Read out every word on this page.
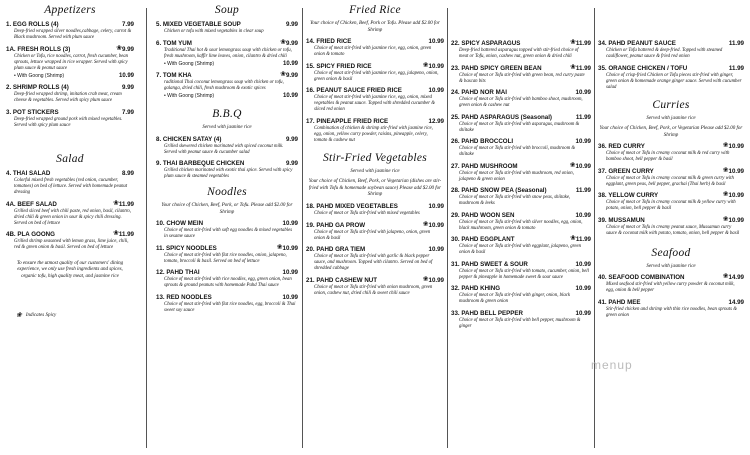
Appetizers
1. EGG ROLLS (4)	7.99
Deep-fried wrapped silver noodles,cabbage, celery, carrot & Black mushroom. Served with plum sauce
1A. FRESH ROLLS (3)	❀ 9.99
Chicken or Tofu, rice noodles, carrot, fresh cucumber, bean sprouts, lettuce wrapped in rice wrapper. Served with spicy plum sauce & peanut sauce
• With Goong (Shrimp)	10.99
2. SHRIMP ROLLS (4)	9.99
Deep-fried wrapped shrimp, imitation crab meat, cream cheese & vegetables. Served with spicy plum sauce
3. POT STICKERS	7.99
Deep-fried wrapped ground pork with mixed vegetables. Served with spicy plum sauce
Salad
4. THAI SALAD	8.99
Colorful mixed fresh vegetables (red onion, cucumber, tomatoes) on bed of lettuce. Served with homemade peanut dressing
4A. BEEF SALAD	❀ 11.99
Grilled sliced beef with chili paste, red onion, basil, cilantro, dried chili & green onion in sour & spicy chili dressing. Served on bed of lettuce
4B. PLA GOONG	❀ 11.99
Grilled shrimp seasoned with lemon grass, lime juice, chili, red & green onion & basil. Served on bed of lettuce
To ensure the utmost quality of our customers' dining experience, we only use fresh ingredients and spices, organic tofu, high quality meat, and jasmine rice
❀ Indicates Spicy
Soup
5. MIXED VEGETABLE SOUP	9.99
Chicken or tofu with mixed vegetables in clear soup
6. TOM YUM	❀ 9.99
Traditional Thai hot & sour lemongrass soup with chicken or tofu, fresh mushroom, kaffir lime leaves, onion, cilantro & dried chili
• With Goong (Shrimp)	10.99
7. TOM KHA	❀ 9.99
raditional Thai coconut lemongrass soup with chicken or tofu, galanga, dried chili, fresh mushroom & exotic spices
• With Goong (Shrimp)	10.99
B.B.Q
Served with jasmine rice
8. CHICKEN SATAY (4)	9.99
Grilled skewered chicken marinated with spiced coconut milk. Served with peanut sauce & cucumber salad
9. THAI BARBEQUE CHICKEN	9.99
Grilled chicken marinated with exotic thai spice. Served with spicy plum sauce & steamed vegetables
Noodles
Your choice of Chicken, Beef, Pork, or Tofu. Please add $2.00 for Shrimp
10. CHOW MEIN	10.99
Choice of meat stir-fried with soft egg noodles & mixed vegetables in sesame sauce
11. SPICY NOODLES	❀ 10.99
Choice of meat stir-fried with flat rice noodles, onion, jalapeno, tomato, broccoli & basil. Served on bed of lettuce
12. PAHD THAI	10.99
Choice of meat stir-fried with rice noodles, egg, green onion, bean sprouts & ground peanuts with homemade Pahd Thai sauce
13. RED NOODLES	10.99
Choice of meat stir-fried with flat rice noodles, egg, broccoli & Thai sweet soy sauce
Fried Rice
Your choice of Chicken, Beef, Pork or Tofu. Please add $2.00 for Shrimp
14. FRIED RICE	10.99
Choice of meat stir-fried with jasmine rice, egg, onion, green onion & tomato
15. SPICY FRIED RICE	❀ 10.99
Choice of meat stir-fried with jasmine rice, egg, jalapeno, onion, green onion & basil
16. PEANUT SAUCE FRIED RICE	10.99
Choice of meat stir-fried with jasmine rice, egg, onion, mixed vegetables & peanut sauce. Topped with shredded cucumber & sliced red onion
17. PINEAPPLE FRIED RICE	12.99
Combination of chicken & shrimp stir-fried with jasmine rice, egg, onion, yellow curry powder, raisins, pineapple, celery, tomato & cashew nut
Stir-Fried Vegetables
Served with jasmine rice
Your choice of Chicken, Beef, Pork, or Vegetarian (dishes are stir-fried with Tofu & homemade soybean sauce) Please add $2.00 for Shrimp
18. PAHD MIXED VEGETABLES	10.99
Choice of meat or Tofu stir-fried with mixed vegetables
19. PAHD GA PROW	❀ 10.99
Choice of meat or Tofu stir-fried with jalapeno, onion, green onion & basil
20. PAHD GRA TIEM	10.99
Choice of meat or Tofu stir-fried with garlic & black pepper sauce, and mushroom. Topped with cilantro. Served on bed of shredded cabbage
21. PAHD CASHEW NUT	❀ 10.99
Choice of meat or Tofu stir-fried with onion mushroom, green onion, cashew nut, dried chili & sweet chili sauce
22. SPICY ASPARAGUS	❀ 11.99
Deep-fried battered asparagus topped with stir-fried choice of meat or Tofu, onion, cashew nut, green onion & dried chili
23. PAHD SPICY GREEN BEAN	❀ 11.99
Choice of meat or Tofu stir-fried with green bean, red curry paste & bascan bits
24. PAHD NOR MAI	10.99
Choice of meat or Tofu stir-fried with bamboo shoot, mushroom, green onion & cashew nut
25. PAHD ASPARAGUS (Seasonal)	11.99
Choice of meat or Tofu stir-fried with asparagus, mushroom & shiitake
26. PAHD BROCCOLI	10.99
Choice of meat or Tofu stir-fried with broccoli, mushroom & shiitake
27. PAHD MUSHROOM	❀ 10.99
Choice of meat or Tofu stir-fried with mushroom, red onion, jalapeno & green onion
28. PAHD SNOW PEA (Seasonal)	11.99
Choice of meat or Tofu stir-fried with snow peas, shiitake, mushroom & leeks
29. PAHD WOON SEN	10.99
Choice of meat or Tofu stir-fried with silver noodles, egg, onion, black mushroom, green onion & tomato
30. PAHD EGGPLANT	❀ 11.99
Choice of meat or Tofu stir-fried with eggplant, jalapeno, green onion & basil
31. PAHD SWEET & SOUR	10.99
Choice of meat or Tofu stir-fried with tomato, cucumber, onion, bell pepper & pineapple in homemade sweet & sour sauce
32. PAHD KHING	10.99
Choice of meat or Tofu stir-fried with ginger, onion, black mushroom & green onion
33. PAHD BELL PEPPER	10.99
Choice of meat or Tofu stir-fried with bell pepper, mushroom & ginger
34. PAHD PEANUT SAUCE	11.99
Chicken or Tofu battered & deep-fried. Topped with steamed cauliflower, peanut sauce & fried red onion
35. ORANGE CHICKEN / TOFU	11.99
Choice of crisp-fried Chicken or Tofu pieces stir-fried with ginger, green onion & homemade orange ginger sauce. Served with cucumber salad
Curries
Served with jasmine rice
Your choice of Chicken, Beef, Pork, or Vegetarian Please add $2.00 for Shrimp
36. RED CURRY	❀ 10.99
Choice of meat or Tofu in creamy coconut milk & red curry with bamboo shoot, bell pepper & basil
37. GREEN CURRY	❀ 10.99
Choice of meat or Tofu in creamy coconut milk & green curry with eggplant, green peas, bell pepper, grachai (Thai herb) & basil
38. YELLOW CURRY	❀ 10.99
Choice of meat or Tofu in creamy coconut milk & yellow curry with potato, onion, bell pepper & basil
39. MUSSAMUN	❀ 10.99
Choice of meat or Tofu in creamy peanut sauce, Mussamun curry sauce & coconut milk with potato, tomato, onion, bell pepper & basil
Seafood
Served with jasmine rice
40. SEAFOOD COMBINATION	❀ 14.99
Mixed seafood stir-fried with yellow curry powder & coconut milk, egg, onion & bell pepper
41. PAHD MEE	14.99
Stir-fried chicken and shrimp with thin rice noodles, bean sprouts & green onion
menup
